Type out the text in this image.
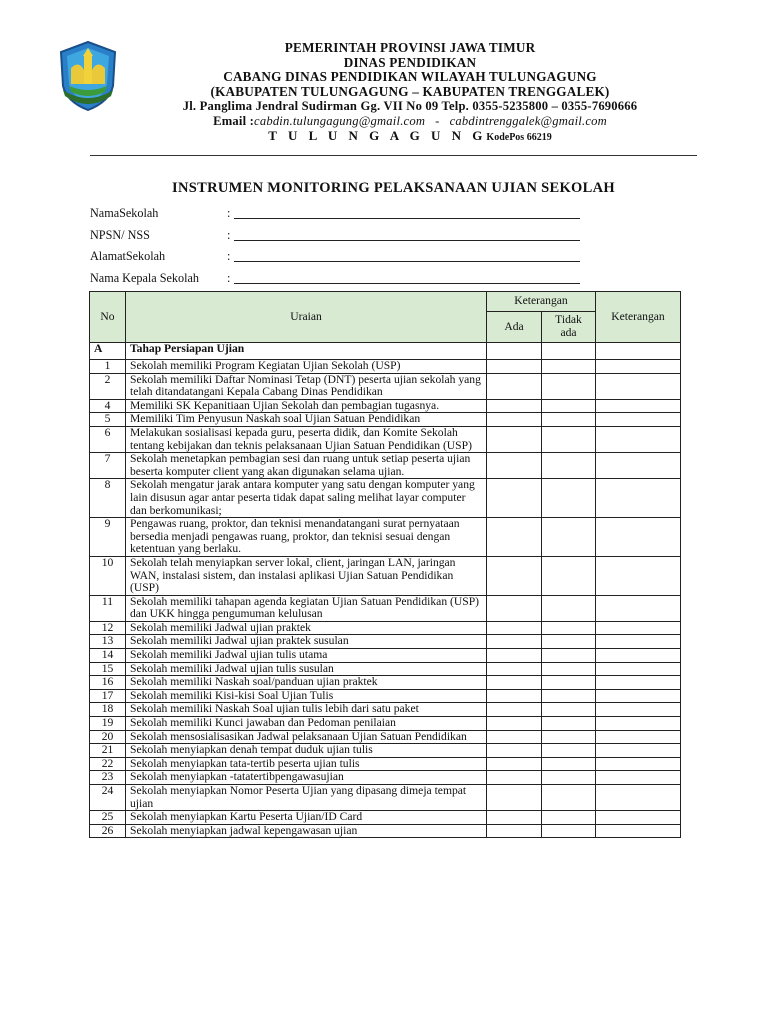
PEMERINTAH PROVINSI JAWA TIMUR
DINAS PENDIDIKAN
CABANG DINAS PENDIDIKAN WILAYAH TULUNGAGUNG
(KABUPATEN TULUNGAGUNG – KABUPATEN TRENGGALEK)
Jl. Panglima Jendral Sudirman Gg. VII No 09 Telp. 0355-5235800 – 0355-7690666
Email :cabdin.tulungagung@gmail.com   -   cabdintrenggalek@gmail.com
T U L U N G A G U N GKodePos 66219
INSTRUMEN MONITORING PELAKSANAAN UJIAN SEKOLAH
NamaSekolah	:
NPSN/ NSS	:
AlamatSekolah	:
Nama Kepala Sekolah	:
No	Uraian	Keterangan		Keterangan
		Ada	Tidak ada	
A	Tahap Persiapan Ujian			
1	Sekolah memiliki Program Kegiatan Ujian Sekolah (USP)			
2	Sekolah memiliki Daftar Nominasi Tetap (DNT) peserta ujian sekolah yang telah ditandatangani Kepala Cabang Dinas Pendidikan			
4	Memiliki SK Kepanitiaan Ujian Sekolah dan pembagian tugasnya.			
5	Memiliki Tim Penyusun Naskah soal Ujian Satuan Pendidikan			
6	Melakukan sosialisasi kepada guru, peserta didik, dan Komite Sekolah tentang kebijakan dan teknis pelaksanaan Ujian Satuan Pendidikan (USP)			
7	Sekolah menetapkan pembagian sesi dan ruang untuk setiap peserta ujian beserta komputer client yang akan digunakan selama ujian.			
8	Sekolah mengatur jarak antara komputer yang satu dengan komputer yang lain disusun agar antar peserta tidak dapat saling melihat layar computer dan berkomunikasi;			
9	Pengawas ruang, proktor, dan teknisi menandatangani surat pernyataan bersedia menjadi pengawas ruang, proktor, dan teknisi sesuai dengan ketentuan yang berlaku.			
10	Sekolah telah menyiapkan server lokal, client, jaringan LAN, jaringan WAN, instalasi sistem, dan instalasi aplikasi Ujian Satuan Pendidikan (USP)			
11	Sekolah memiliki tahapan agenda kegiatan Ujian Satuan Pendidikan (USP) dan UKK hingga pengumuman kelulusan			
12	Sekolah memiliki Jadwal ujian praktek			
13	Sekolah memiliki Jadwal ujian praktek susulan			
14	Sekolah memiliki Jadwal ujian tulis utama			
15	Sekolah memiliki Jadwal ujian tulis susulan			
16	Sekolah memiliki Naskah soal/panduan ujian praktek			
17	Sekolah memiliki Kisi-kisi Soal Ujian Tulis			
18	Sekolah memiliki Naskah Soal ujian tulis lebih dari satu paket			
19	Sekolah memiliki Kunci jawaban dan Pedoman penilaian			
20	Sekolah mensosialisasikan Jadwal pelaksanaan Ujian Satuan Pendidikan			
21	Sekolah menyiapkan denah tempat duduk ujian tulis			
22	Sekolah menyiapkan tata-tertib peserta ujian tulis			
23	Sekolah menyiapkan -tatatertibpengawasujian			
24	Sekolah menyiapkan Nomor Peserta Ujian yang dipasang dimeja tempat ujian			
25	Sekolah menyiapkan Kartu Peserta Ujian/ID Card			
26	Sekolah menyiapkan jadwal kepengawasan ujian			
